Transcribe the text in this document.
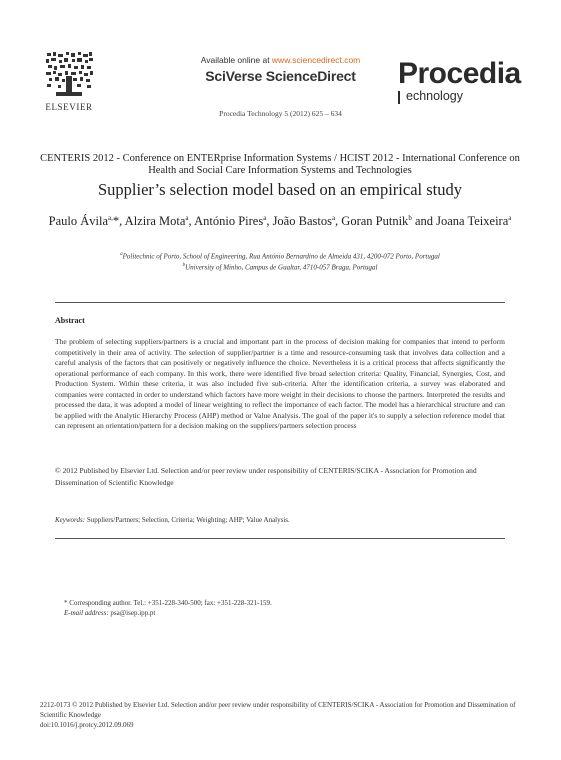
ELSEVIER
Available online at www.sciencedirect.com
SciVerse ScienceDirect
Procedia Technology 5 (2012) 625 – 634
Procedia
echnology
CENTERIS 2012 - Conference on ENTERprise Information Systems / HCIST 2012 - International Conference on Health and Social Care Information Systems and Technologies
Supplier’s selection model based on an empirical study
Paulo Ávila$^{a,}$*, Alzira Mota$^a$, António Pires$^a$, João Bastos$^a$, Goran Putnik$^b$ and Joana Teixeira$^a$
$^a$Politechnic of Porto, School of Engineering, Rua António Bernardino de Almeida 431, 4200-072 Porto, Portugal
$^b$University of Minho, Campus de Gualtar, 4710-057 Braga, Portugal
Abstract
The problem of selecting suppliers/partners is a crucial and important part in the process of decision making for companies that intend to perform competitively in their area of activity. The selection of supplier/partner is a time and resource-consuming task that involves data collection and a careful analysis of the factors that can positively or negatively influence the choice. Nevertheless it is a critical process that affects significantly the operational performance of each company. In this work, there were identified five broad selection criteria: Quality, Financial, Synergies, Cost, and Production System. Within these criteria, it was also included five sub-criteria. After the identification criteria, a survey was elaborated and companies were contacted in order to understand which factors have more weight in their decisions to choose the partners. Interpreted the results and processed the data, it was adopted a model of linear weighting to reflect the importance of each factor. The model has a hierarchical structure and can be applied with the Analytic Hierarchy Process (AHP) method or Value Analysis. The goal of the paper it's to supply a selection reference model that can represent an orientation/pattern for a decision making on the suppliers/partners selection process
© 2012 Published by Elsevier Ltd. Selection and/or peer review under responsibility of CENTERIS/SCIKA - Association for Promotion and Dissemination of Scientific Knowledge
Keywords: Suppliers/Partners; Selection, Criteria; Weighting; AHP; Value Analysis.
* Corresponding author. Tel.: +351-228-340-500; fax: +351-228-321-159.
E-mail address: psa@isep.ipp.pt
2212-0173 © 2012 Published by Elsevier Ltd. Selection and/or peer review under responsibility of CENTERIS/SCIKA - Association for Promotion and Dissemination of Scientific Knowledge
doi:10.1016/j.protcy.2012.09.069
